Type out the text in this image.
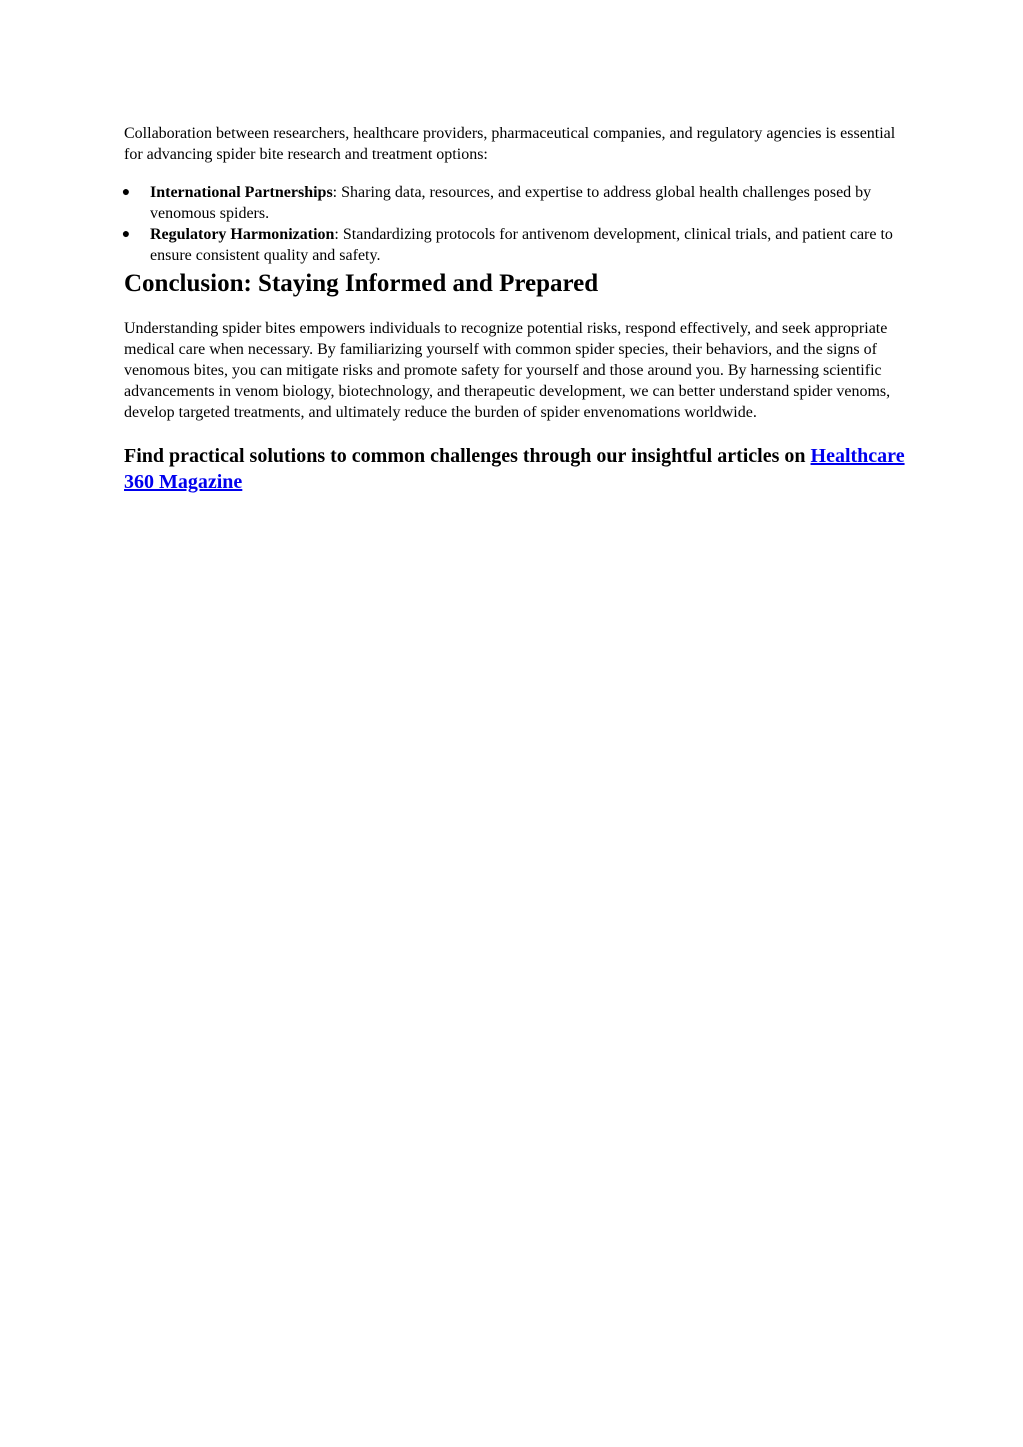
Collaboration between researchers, healthcare providers, pharmaceutical companies, and regulatory agencies is essential for advancing spider bite research and treatment options:

● International Partnerships: Sharing data, resources, and expertise to address global health challenges posed by venomous spiders.
● Regulatory Harmonization: Standardizing protocols for antivenom development, clinical trials, and patient care to ensure consistent quality and safety.
Conclusion: Staying Informed and Prepared

Understanding spider bites empowers individuals to recognize potential risks, respond effectively, and seek appropriate medical care when necessary. By familiarizing yourself with common spider species, their behaviors, and the signs of venomous bites, you can mitigate risks and promote safety for yourself and those around you. By harnessing scientific advancements in venom biology, biotechnology, and therapeutic development, we can better understand spider venoms, develop targeted treatments, and ultimately reduce the burden of spider envenomations worldwide.

Find practical solutions to common challenges through our insightful articles on Healthcare 360 Magazine
